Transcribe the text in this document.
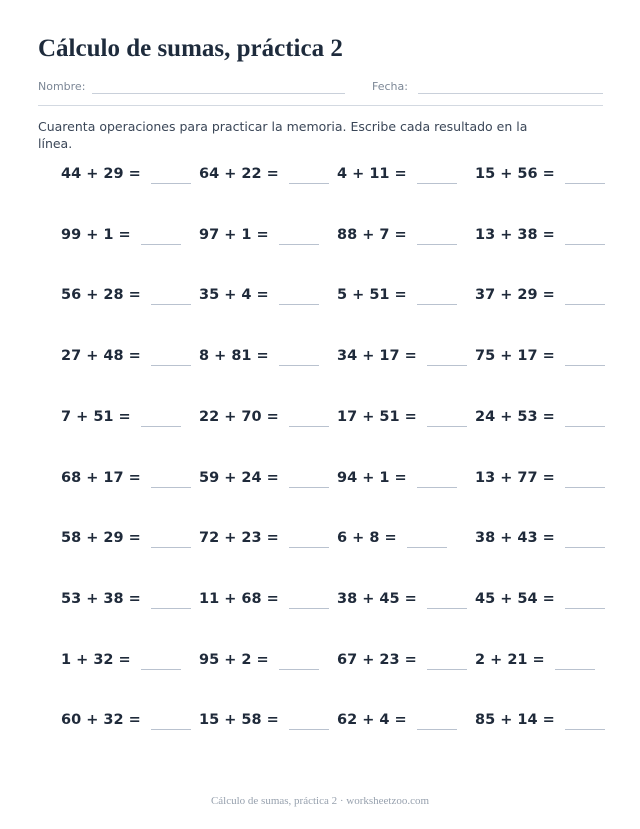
Cálculo de sumas, práctica 2
Nombre:	Fecha:
Cuarenta operaciones para practicar la memoria. Escribe cada resultado en la línea.
44 + 29 =	64 + 22 =	4 + 11 =	15 + 56 =
99 + 1 =	97 + 1 =	88 + 7 =	13 + 38 =
56 + 28 =	35 + 4 =	5 + 51 =	37 + 29 =
27 + 48 =	8 + 81 =	34 + 17 =	75 + 17 =
7 + 51 =	22 + 70 =	17 + 51 =	24 + 53 =
68 + 17 =	59 + 24 =	94 + 1 =	13 + 77 =
58 + 29 =	72 + 23 =	6 + 8 =	38 + 43 =
53 + 38 =	11 + 68 =	38 + 45 =	45 + 54 =
1 + 32 =	95 + 2 =	67 + 23 =	2 + 21 =
60 + 32 =	15 + 58 =	62 + 4 =	85 + 14 =
Cálculo de sumas, práctica 2 · worksheetzoo.com
